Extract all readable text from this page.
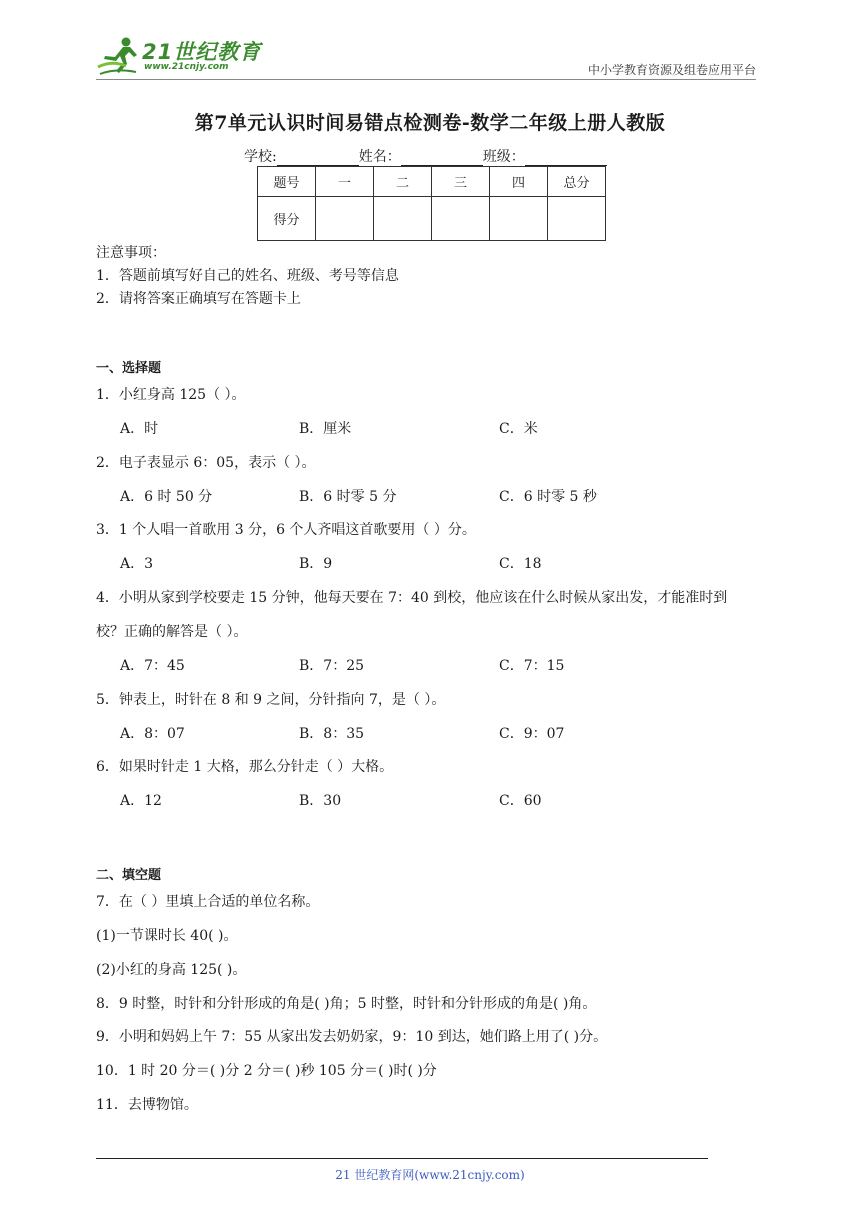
21世纪教育
www.21cnjy.com	中小学教育资源及组卷应用平台
第7单元认识时间易错点检测卷-数学二年级上册人教版
学校:	姓名：	班级：
题号	一	二	三	四	总分
得分					
注意事项：
1．答题前填写好自己的姓名、班级、考号等信息
2．请将答案正确填写在答题卡上
一、选择题
1．小红身高 125（ ）。
A．时	B．厘米	C．米
2．电子表显示 6：05，表示（ ）。
A．6 时 50 分	B．6 时零 5 分	C．6 时零 5 秒
3．1 个人唱一首歌用 3 分，6 个人齐唱这首歌要用（ ）分。
A．3	B．9	C．18
4．小明从家到学校要走 15 分钟，他每天要在 7：40 到校，他应该在什么时候从家出发，才能准时到
校？正确的解答是（ ）。
A．7：45	B．7：25	C．7：15
5．钟表上，时针在 8 和 9 之间，分针指向 7，是（ ）。
A．8：07	B．8：35	C．9：07
6．如果时针走 1 大格，那么分针走（ ）大格。
A．12	B．30	C．60
二、填空题
7．在（ ）里填上合适的单位名称。
(1)一节课时长 40( )。
(2)小红的身高 125( )。
8．9 时整，时针和分针形成的角是( )角；5 时整，时针和分针形成的角是( )角。
9．小明和妈妈上午 7：55 从家出发去奶奶家，9：10 到达，她们路上用了( )分。
10．1 时 20 分＝( )分 2 分＝( )秒 105 分＝( )时( )分
11．去博物馆。
21 世纪教育网(www.21cnjy.com)
